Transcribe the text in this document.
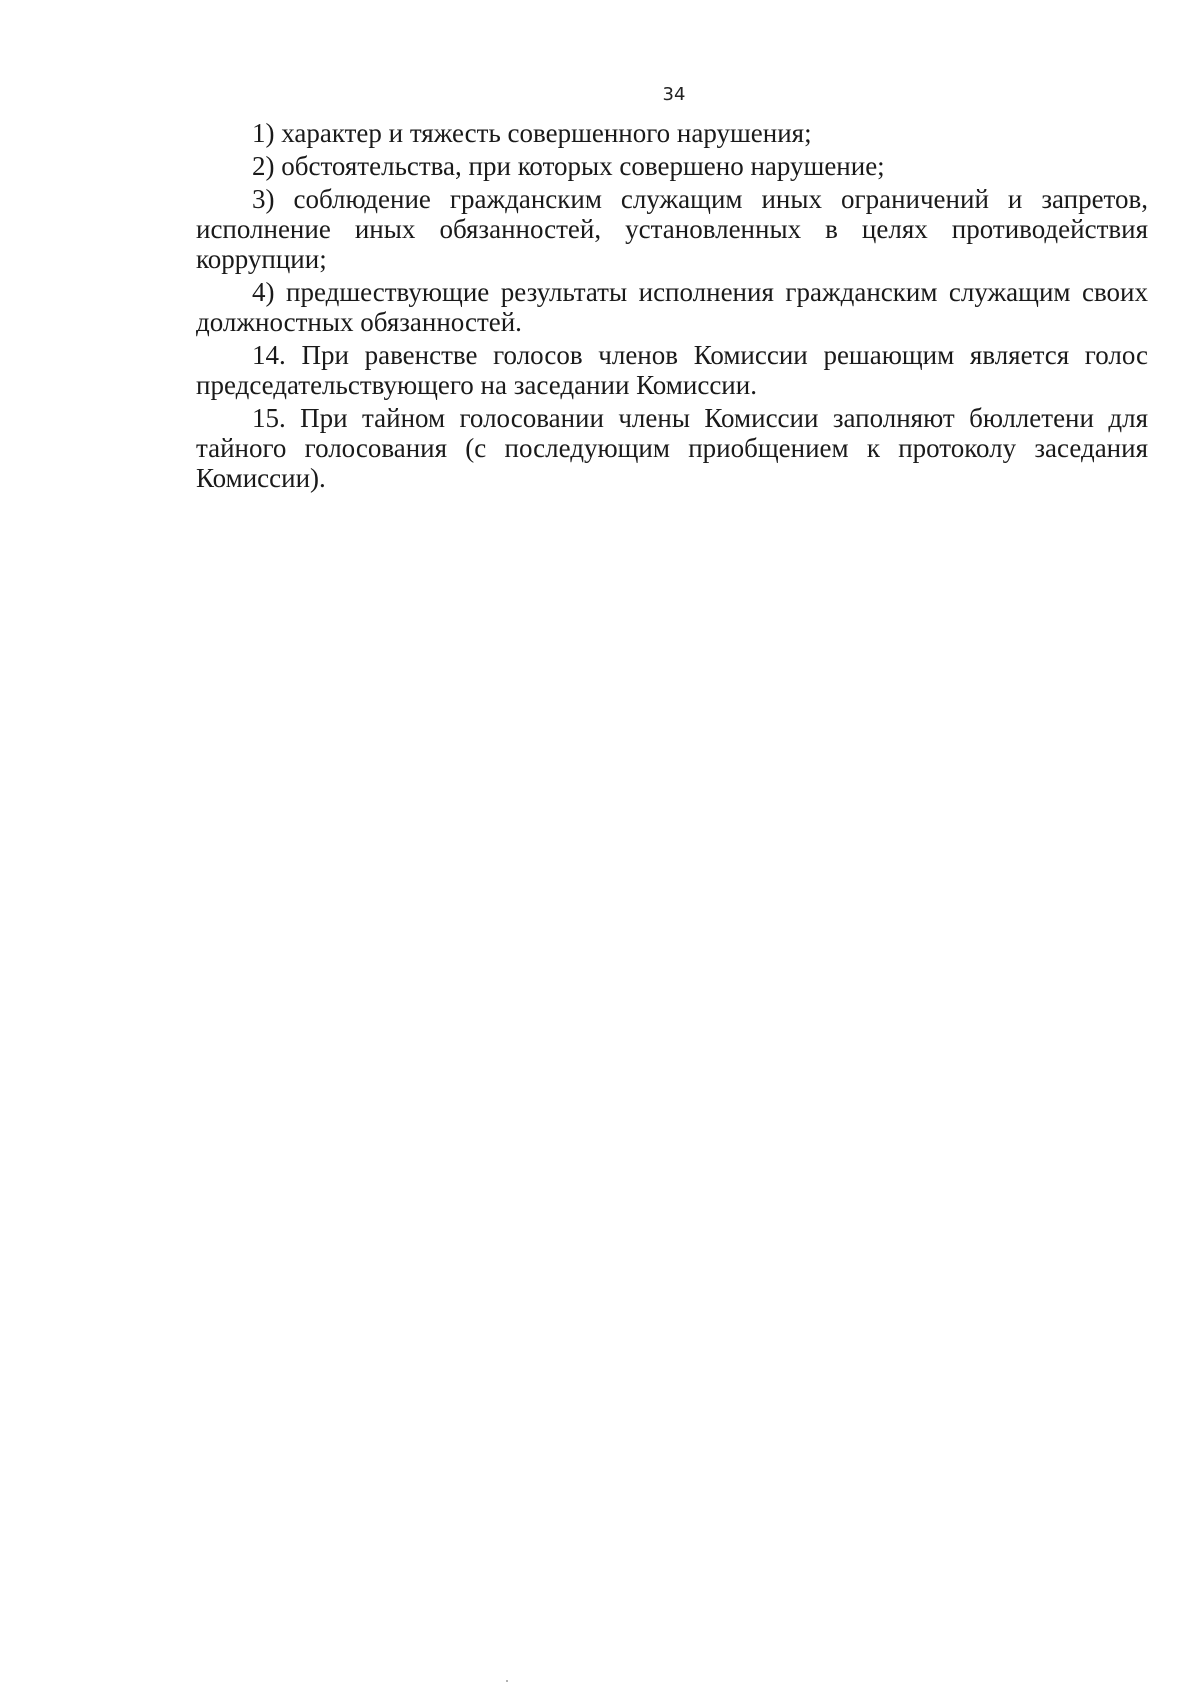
34

1) характер и тяжесть совершенного нарушения;

2) обстоятельства, при которых совершено нарушение;

3) соблюдение гражданским служащим иных ограничений и запретов, исполнение иных обязанностей, установленных в целях противодействия коррупции;

4) предшествующие результаты исполнения гражданским служащим своих должностных обязанностей.

14. При равенстве голосов членов Комиссии решающим является голос председательствующего на заседании Комиссии.

15. При тайном голосовании члены Комиссии заполняют бюллетени для тайного голосования (с последующим приобщением к протоколу заседания Комиссии).
